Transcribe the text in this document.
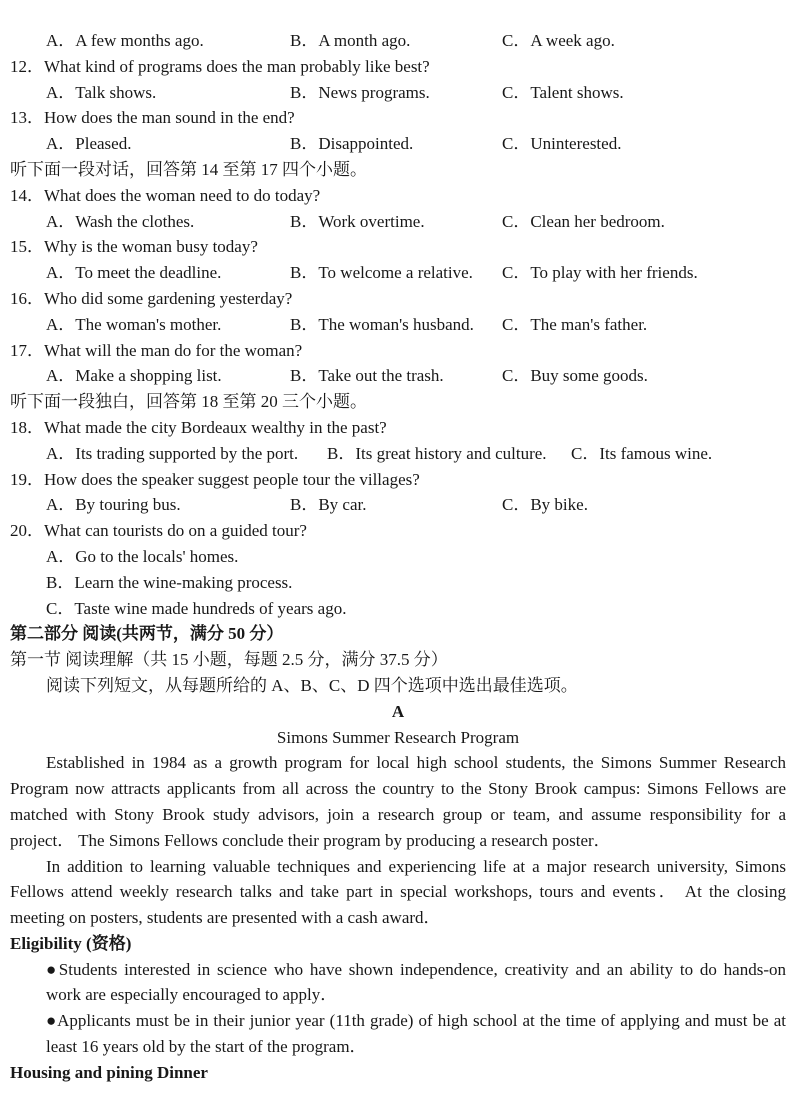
A．A few months ago.	B．A month ago.	C．A week ago.
12．What kind of programs does the man probably like best?
A．Talk shows.	B．News programs.	C．Talent shows.
13．How does the man sound in the end?
A．Pleased.	B．Disappointed.	C．Uninterested.
听下面一段对话，回答第 14 至第 17 四个小题。
14．What does the woman need to do today?
A．Wash the clothes.	B．Work overtime.	C．Clean her bedroom.
15．Why is the woman busy today?
A．To meet the deadline.	B．To welcome a relative.	C．To play with her friends.
16．Who did some gardening yesterday?
A．The woman's mother.	B．The woman's husband.	C．The man's father.
17．What will the man do for the woman?
A．Make a shopping list.	B．Take out the trash.	C．Buy some goods.
听下面一段独白，回答第 18 至第 20 三个小题。
18．What made the city Bordeaux wealthy in the past?
A．Its trading supported by the port.	B．Its great history and culture.	C．Its famous wine.
19．How does the speaker suggest people tour the villages?
A．By touring bus.	B．By car.	C．By bike.
20．What can tourists do on a guided tour?
A．Go to the locals' homes.
B．Learn the wine-making process.
C．Taste wine made hundreds of years ago.
第二部分 阅读(共两节，满分 50 分）
第一节 阅读理解（共 15 小题，每题 2.5 分，满分 37.5 分）
阅读下列短文，从每题所给的 A、B、C、D 四个选项中选出最佳选项。
A
Simons Summer Research Program
Established in 1984 as a growth program for local high school students, the Simons Summer Research Program now attracts applicants from all across the country to the Stony Brook campus: Simons Fellows are matched with Stony Brook study advisors, join a research group or team, and assume responsibility for a project． The Simons Fellows conclude their program by producing a research poster．
In addition to learning valuable techniques and experiencing life at a major research university, Simons Fellows attend weekly research talks and take part in special workshops, tours and events． At the closing meeting on posters, students are presented with a cash award．
Eligibility (资格)
●Students interested in science who have shown independence, creativity and an ability to do hands-on work are especially encouraged to apply．
●Applicants must be in their junior year (11th grade) of high school at the time of applying and must be at least 16 years old by the start of the program．
Housing and pining Dinner
